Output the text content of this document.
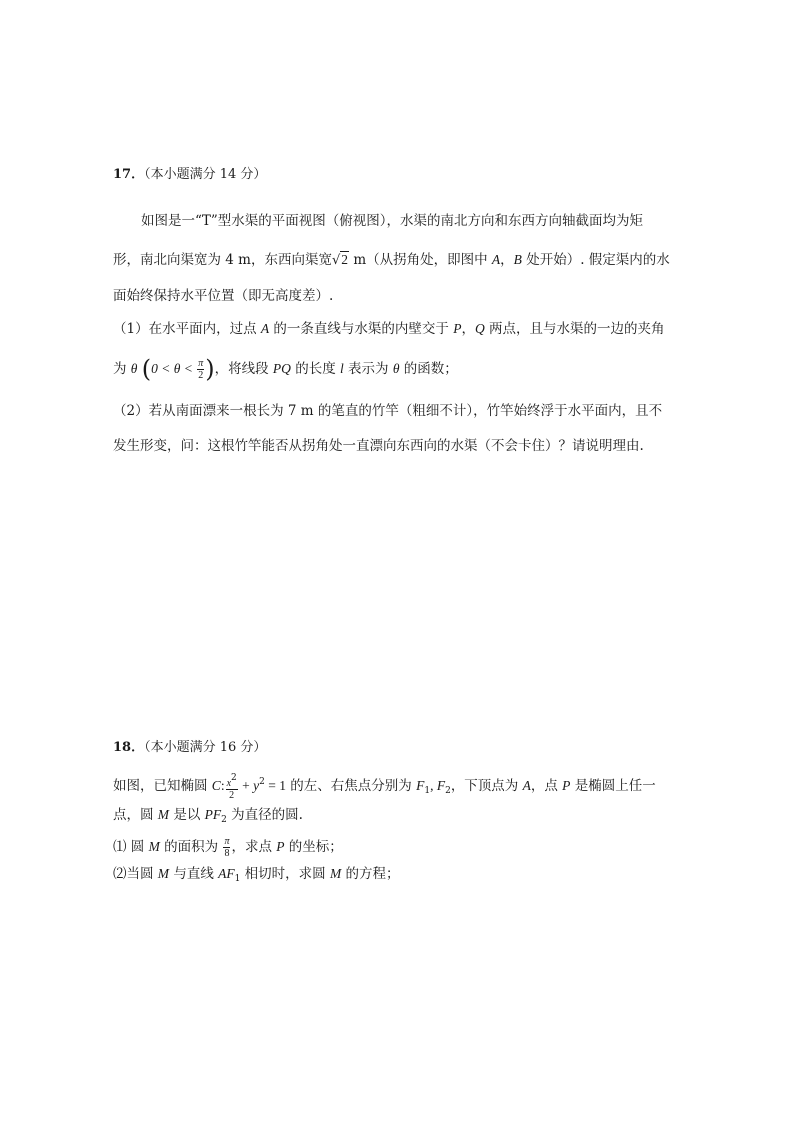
17．（本小题满分 14 分）
如图是一“T”型水渠的平面视图（俯视图），水渠的南北方向和东西方向轴截面均为矩
形，南北向渠宽为 4 m，东西向渠宽√2 m（从拐角处，即图中 A，B 处开始）. 假定渠内的水
面始终保持水平位置（即无高度差）.
（1）在水平面内，过点 A 的一条直线与水渠的内壁交于 P，Q 两点，且与水渠的一边的夹角
为 θ ($0 < \theta < \frac{\pi}{2}$ )，将线段 PQ 的长度 l 表示为 θ 的函数；
（2）若从南面漂来一根长为 7 m 的笔直的竹竿（粗细不计），竹竿始终浮于水平面内，且不
发生形变，问：这根竹竿能否从拐角处一直漂向东西向的水渠（不会卡住）？请说明理由.
18．（本小题满分 16 分）
如图，已知椭圆 C: $\frac{x2}{2} + y^2 = 1$ 的左、右焦点分别为 $F_1$, $F_2$，下顶点为 A，点 P 是椭圆上任一
点，圆 M 是以 $PF_2$ 为直径的圆.
⑴ 圆 M 的面积为 $\frac{\pi}{8}$ ，求点 P 的坐标；
⑵当圆 M 与直线 $AF_1$ 相切时，求圆 M 的方程；
